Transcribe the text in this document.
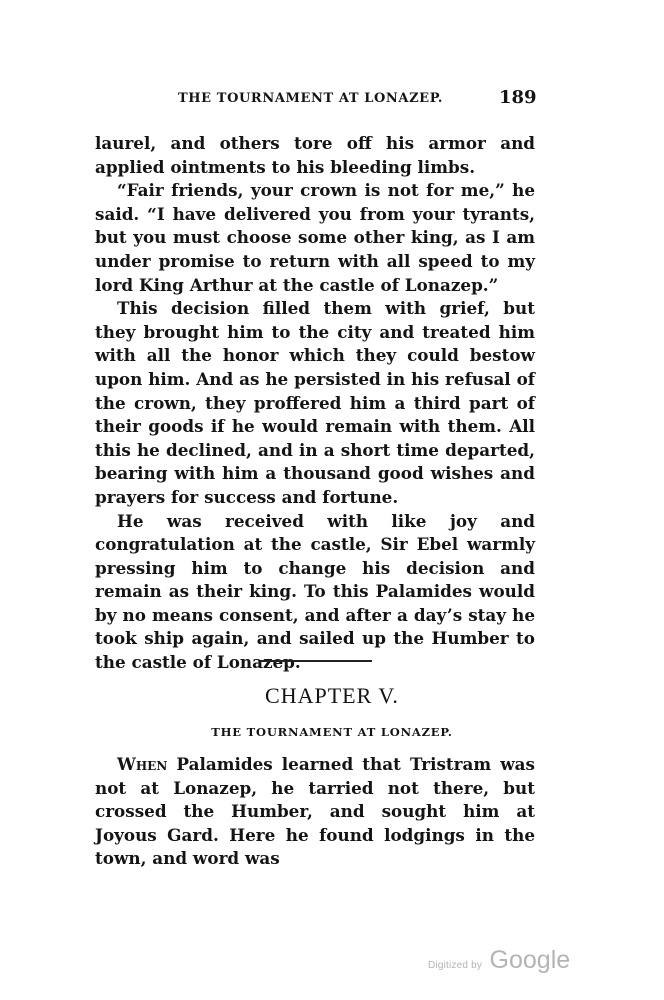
THE TOURNAMENT AT LONAZEP.	189

laurel, and others tore off his armor and applied ointments to his bleeding limbs.

“Fair friends, your crown is not for me,” he said. “I have delivered you from your tyrants, but you must choose some other king, as I am under promise to return with all speed to my lord King Arthur at the castle of Lonazep.”

This decision filled them with grief, but they brought him to the city and treated him with all the honor which they could bestow upon him. And as he persisted in his refusal of the crown, they proffered him a third part of their goods if he would remain with them. All this he declined, and in a short time departed, bearing with him a thousand good wishes and prayers for success and fortune.

He was received with like joy and congratulation at the castle, Sir Ebel warmly pressing him to change his decision and remain as their king. To this Palamides would by no means consent, and after a day’s stay he took ship again, and sailed up the Humber to the castle of Lonazep.

CHAPTER V.
THE TOURNAMENT AT LONAZEP.

When Palamides learned that Tristram was not at Lonazep, he tarried not there, but crossed the Humber, and sought him at Joyous Gard. Here he found lodgings in the town, and word was

Digitized by Google
